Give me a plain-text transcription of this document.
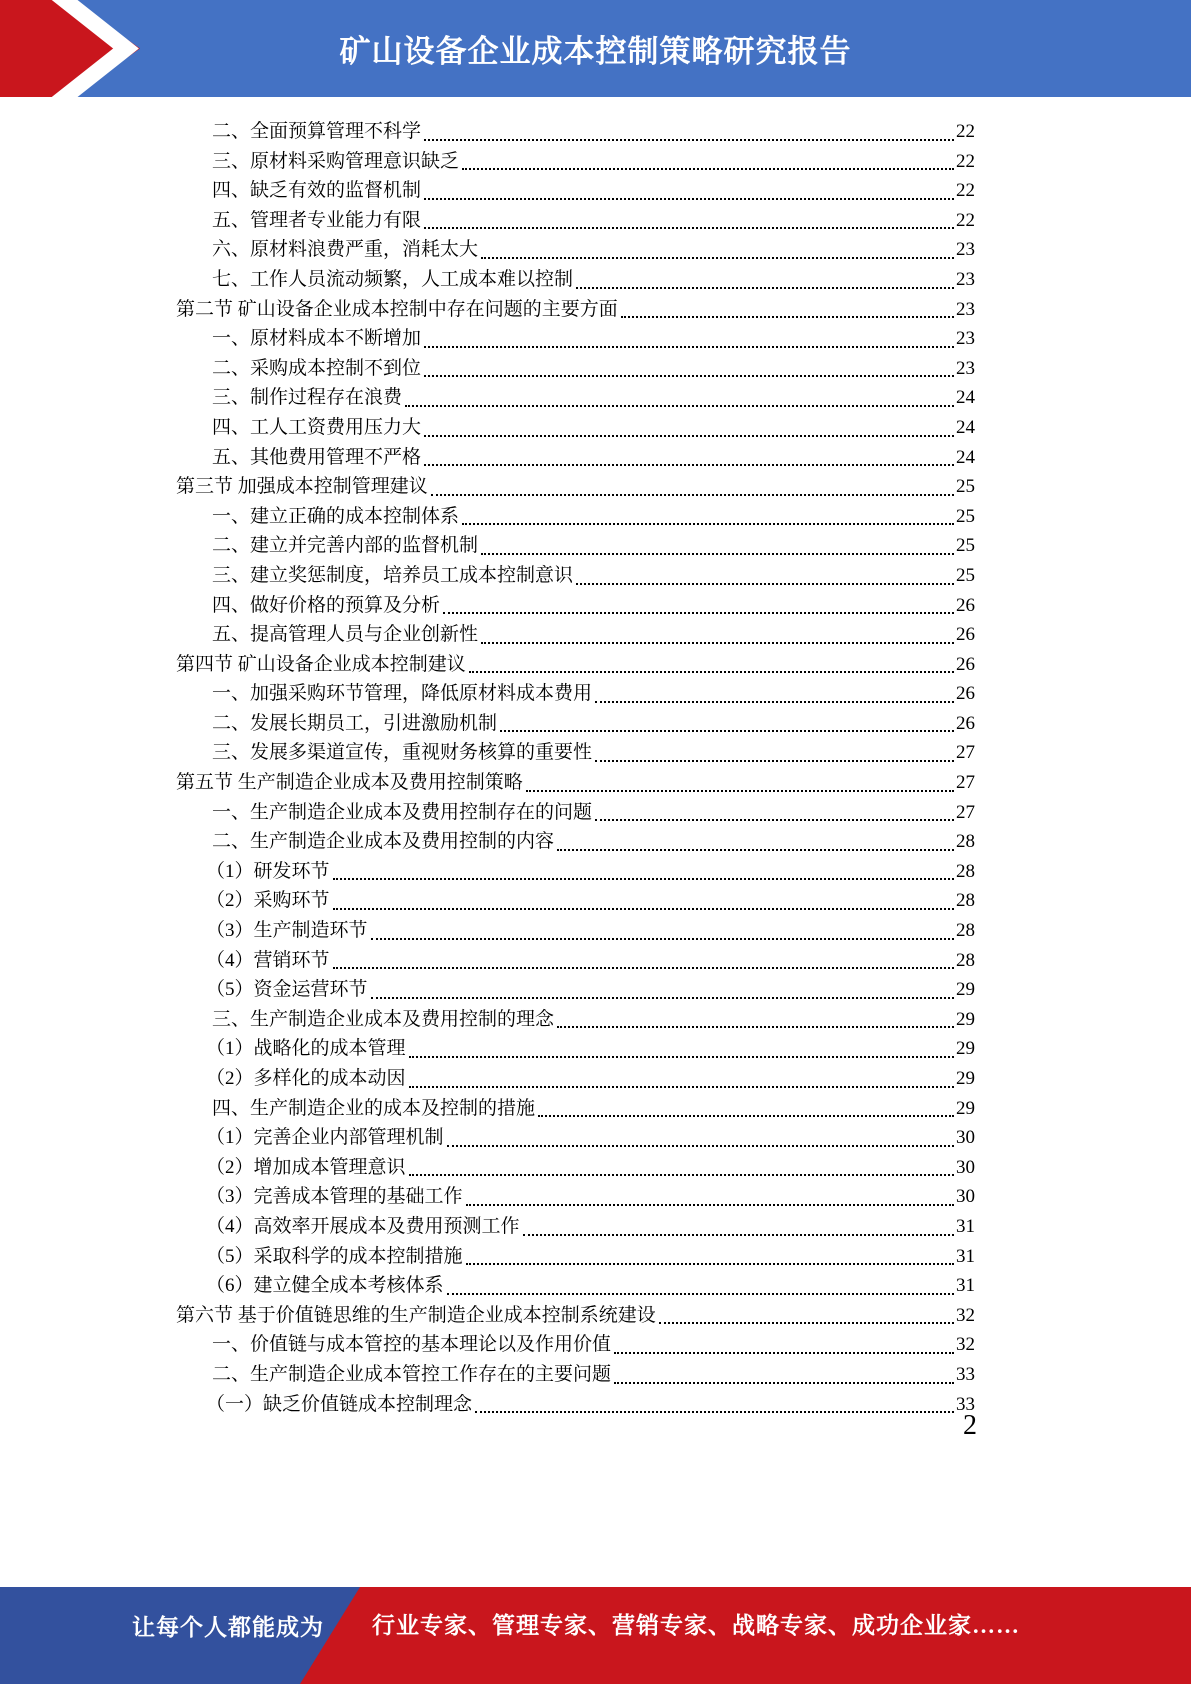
矿山设备企业成本控制策略研究报告
二、全面预算管理不科学	22
三、原材料采购管理意识缺乏	22
四、缺乏有效的监督机制	22
五、管理者专业能力有限	22
六、原材料浪费严重，消耗太大	23
七、工作人员流动频繁，人工成本难以控制	23
第二节 矿山设备企业成本控制中存在问题的主要方面	23
一、原材料成本不断增加	23
二、采购成本控制不到位	23
三、制作过程存在浪费	24
四、工人工资费用压力大	24
五、其他费用管理不严格	24
第三节 加强成本控制管理建议	25
一、建立正确的成本控制体系	25
二、建立并完善内部的监督机制	25
三、建立奖惩制度，培养员工成本控制意识	25
四、做好价格的预算及分析	26
五、提高管理人员与企业创新性	26
第四节 矿山设备企业成本控制建议	26
一、加强采购环节管理，降低原材料成本费用	26
二、发展长期员工，引进激励机制	26
三、发展多渠道宣传，重视财务核算的重要性	27
第五节 生产制造企业成本及费用控制策略	27
一、生产制造企业成本及费用控制存在的问题	27
二、生产制造企业成本及费用控制的内容	28
（1）研发环节	28
（2）采购环节	28
（3）生产制造环节	28
（4）营销环节	28
（5）资金运营环节	29
三、生产制造企业成本及费用控制的理念	29
（1）战略化的成本管理	29
（2）多样化的成本动因	29
四、生产制造企业的成本及控制的措施	29
（1）完善企业内部管理机制	30
（2）增加成本管理意识	30
（3）完善成本管理的基础工作	30
（4）高效率开展成本及费用预测工作	31
（5）采取科学的成本控制措施	31
（6）建立健全成本考核体系	31
第六节 基于价值链思维的生产制造企业成本控制系统建设	32
一、价值链与成本管控的基本理论以及作用价值	32
二、生产制造企业成本管控工作存在的主要问题	33
（一）缺乏价值链成本控制理念	33
2
让每个人都能成为 行业专家、管理专家、营销专家、战略专家、成功企业家……
